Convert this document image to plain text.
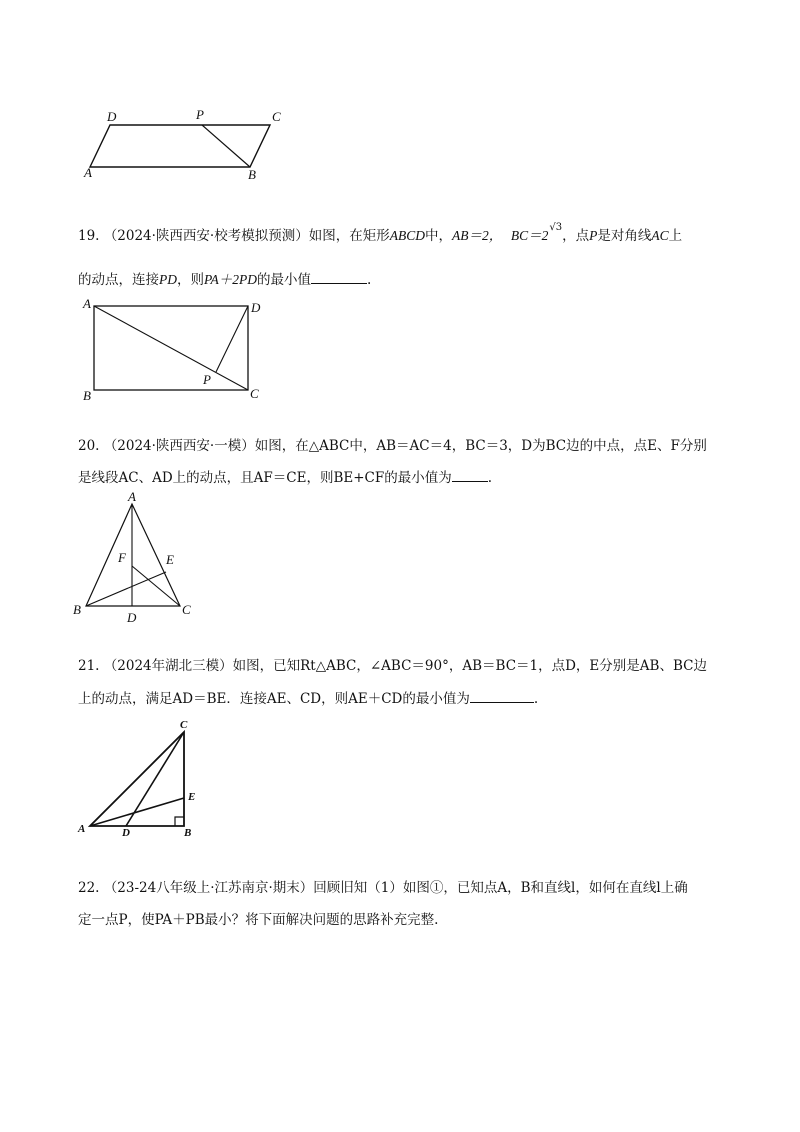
D	P	C
A	B
19. （2024·陕西西安·校考模拟预测）如图，在矩形ABCD中，AB＝2， $BC=2^{√3}$，点P是对角线AC上
的动点，连接PD，则PA＋2PD的最小值	.
A	D
B	C
P
20. （2024·陕西西安·一模）如图，在△ABC中，AB＝AC＝4，BC＝3，D为BC边的中点，点E、F分别
是线段AC、AD上的动点，且AF＝CE，则BE+CF的最小值为	.
A
F	E
B
D
C
21. （2024年湖北三模）如图，已知Rt△ABC，∠ABC＝90°，AB＝BC＝1，点D，E分别是AB、BC边
上的动点，满足AD＝BE．连接AE、CD，则AE＋CD的最小值为	.
C
E
A	D	B
22. （23-24八年级上·江苏南京·期末）回顾旧知（1）如图①，已知点A，B和直线l，如何在直线l上确
定一点P，使PA＋PB最小？将下面解决问题的思路补充完整.
